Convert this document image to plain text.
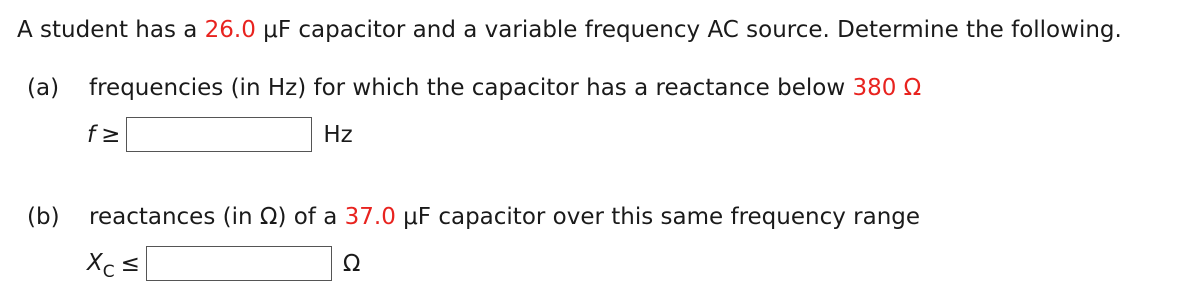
A student has a 26.0 μF capacitor and a variable frequency AC source. Determine the following.
(a) frequencies (in Hz) for which the capacitor has a reactance below 380 Ω
f ≥	Hz
(b) reactances (in Ω) of a 37.0 μF capacitor over this same frequency range
$X_C$ ≤	Ω
